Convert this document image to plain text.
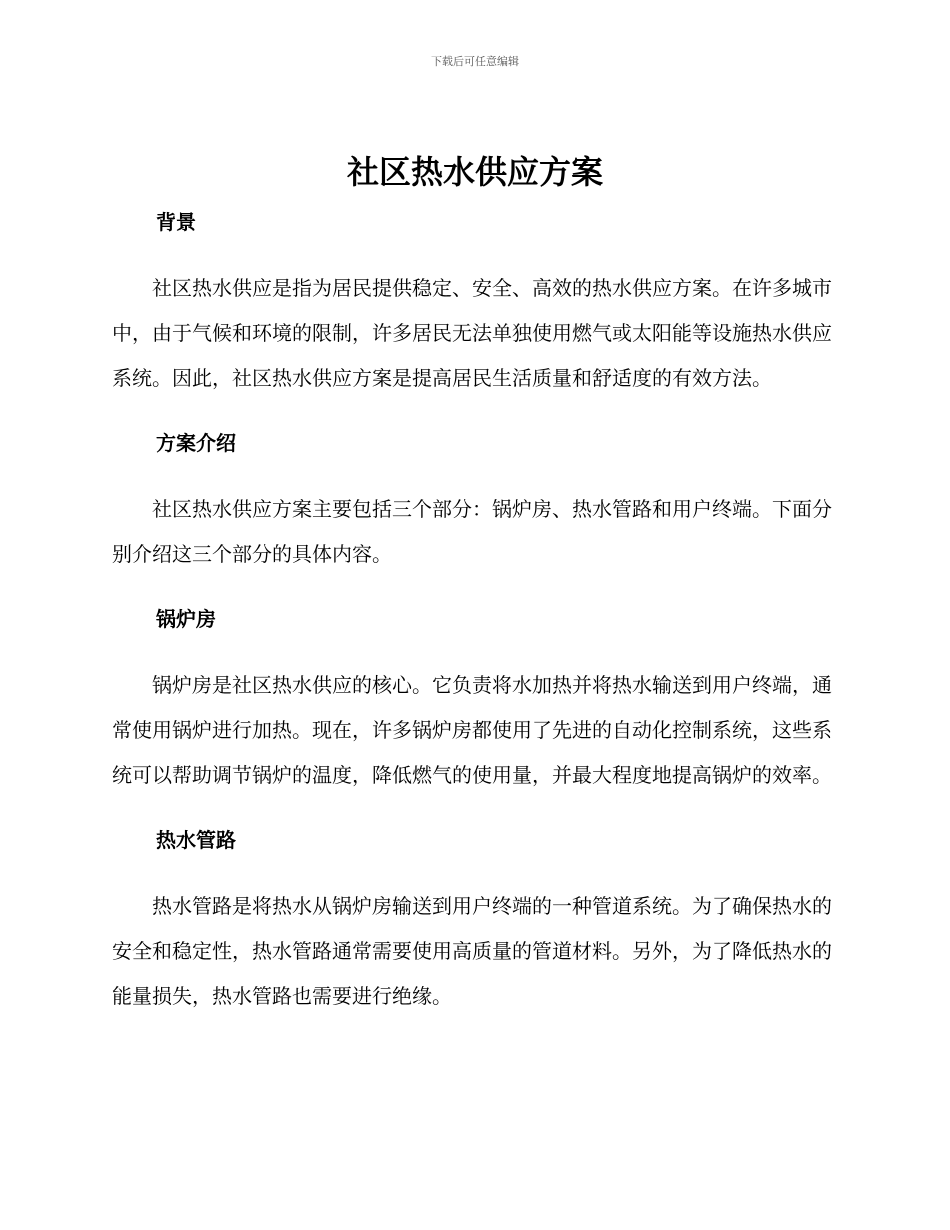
下载后可任意编辑
社区热水供应方案
背景

社区热水供应是指为居民提供稳定、安全、高效的热水供应方案。在许多城市中，由于气候和环境的限制，许多居民无法单独使用燃气或太阳能等设施热水供应系统。因此，社区热水供应方案是提高居民生活质量和舒适度的有效方法。

方案介绍

社区热水供应方案主要包括三个部分：锅炉房、热水管路和用户终端。下面分别介绍这三个部分的具体内容。

锅炉房

锅炉房是社区热水供应的核心。它负责将水加热并将热水输送到用户终端，通常使用锅炉进行加热。现在，许多锅炉房都使用了先进的自动化控制系统，这些系统可以帮助调节锅炉的温度，降低燃气的使用量，并最大程度地提高锅炉的效率。

热水管路

热水管路是将热水从锅炉房输送到用户终端的一种管道系统。为了确保热水的安全和稳定性，热水管路通常需要使用高质量的管道材料。另外，为了降低热水的能量损失，热水管路也需要进行绝缘。
